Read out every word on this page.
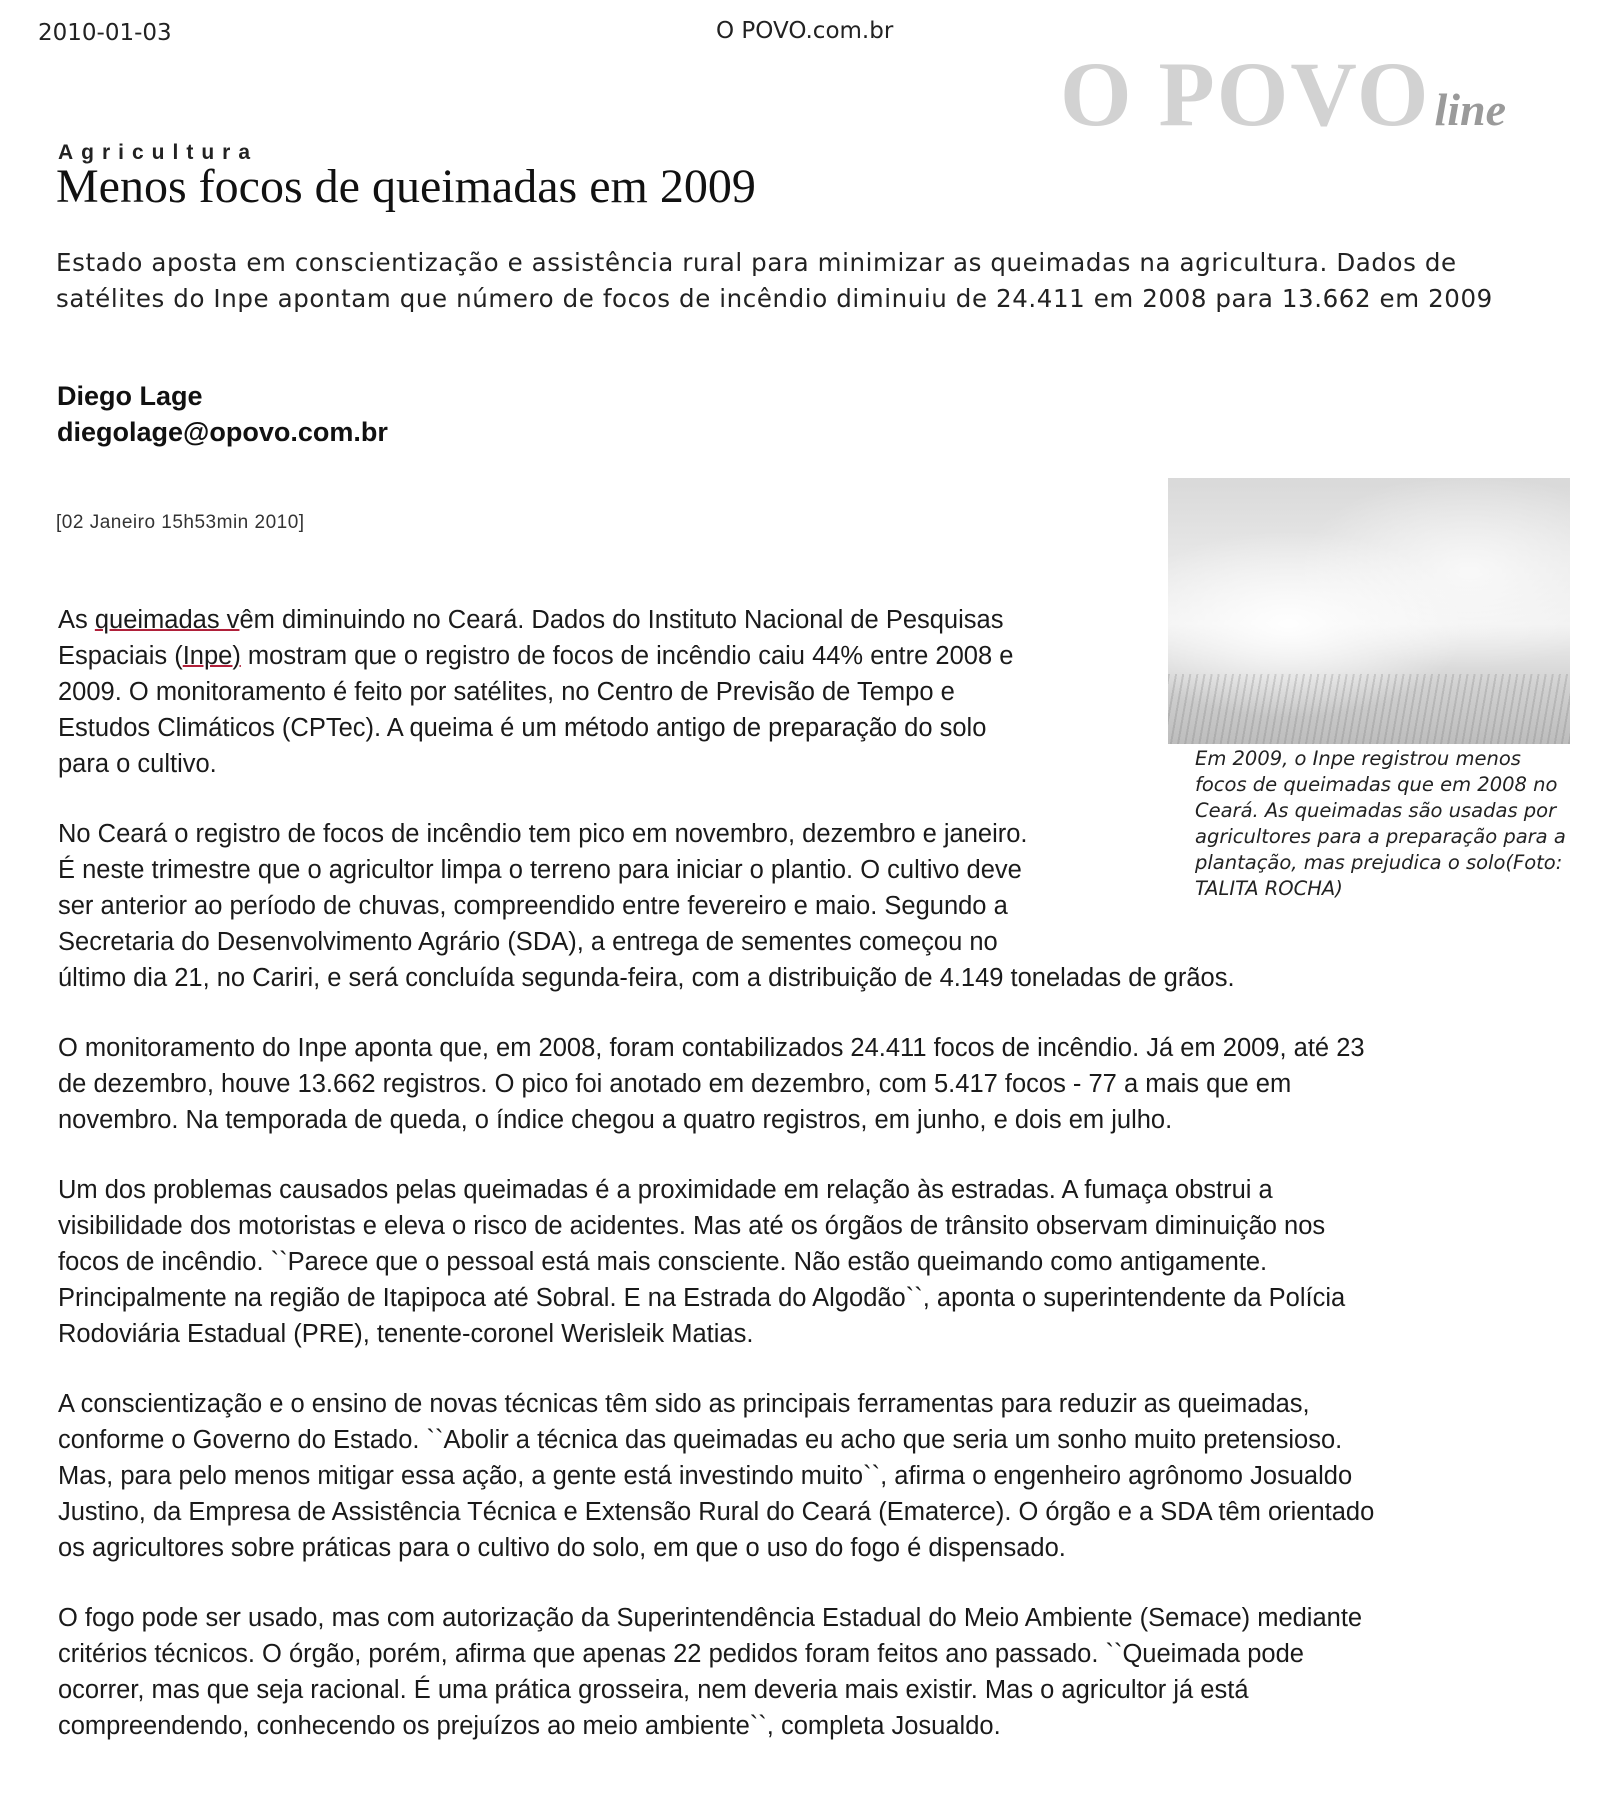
2010-01-03	O POVO.com.br
O POVOline
Agricultura
Menos focos de queimadas em 2009
Estado aposta em conscientização e assistência rural para minimizar as queimadas na agricultura. Dados de satélites do Inpe apontam que número de focos de incêndio diminuiu de 24.411 em 2008 para 13.662 em 2009
Diego Lage
diegolage@opovo.com.br
[02 Janeiro 15h53min 2010]
Em 2009, o Inpe registrou menos focos de queimadas que em 2008 no Ceará. As queimadas são usadas por agricultores para a preparação para a plantação, mas prejudica o solo(Foto: TALITA ROCHA)
As queimadas vêm diminuindo no Ceará. Dados do Instituto Nacional de Pesquisas
Espaciais (Inpe) mostram que o registro de focos de incêndio caiu 44% entre 2008 e
2009. O monitoramento é feito por satélites, no Centro de Previsão de Tempo e
Estudos Climáticos (CPTec). A queima é um método antigo de preparação do solo
para o cultivo.
No Ceará o registro de focos de incêndio tem pico em novembro, dezembro e janeiro.
É neste trimestre que o agricultor limpa o terreno para iniciar o plantio. O cultivo deve
ser anterior ao período de chuvas, compreendido entre fevereiro e maio. Segundo a
Secretaria do Desenvolvimento Agrário (SDA), a entrega de sementes começou no
último dia 21, no Cariri, e será concluída segunda-feira, com a distribuição de 4.149 toneladas de grãos.
O monitoramento do Inpe aponta que, em 2008, foram contabilizados 24.411 focos de incêndio. Já em 2009, até 23
de dezembro, houve 13.662 registros. O pico foi anotado em dezembro, com 5.417 focos - 77 a mais que em
novembro. Na temporada de queda, o índice chegou a quatro registros, em junho, e dois em julho.
Um dos problemas causados pelas queimadas é a proximidade em relação às estradas. A fumaça obstrui a
visibilidade dos motoristas e eleva o risco de acidentes. Mas até os órgãos de trânsito observam diminuição nos
focos de incêndio. ``Parece que o pessoal está mais consciente. Não estão queimando como antigamente.
Principalmente na região de Itapipoca até Sobral. E na Estrada do Algodão``, aponta o superintendente da Polícia
Rodoviária Estadual (PRE), tenente-coronel Werisleik Matias.
A conscientização e o ensino de novas técnicas têm sido as principais ferramentas para reduzir as queimadas,
conforme o Governo do Estado. ``Abolir a técnica das queimadas eu acho que seria um sonho muito pretensioso.
Mas, para pelo menos mitigar essa ação, a gente está investindo muito``, afirma o engenheiro agrônomo Josualdo
Justino, da Empresa de Assistência Técnica e Extensão Rural do Ceará (Ematerce). O órgão e a SDA têm orientado
os agricultores sobre práticas para o cultivo do solo, em que o uso do fogo é dispensado.
O fogo pode ser usado, mas com autorização da Superintendência Estadual do Meio Ambiente (Semace) mediante
critérios técnicos. O órgão, porém, afirma que apenas 22 pedidos foram feitos ano passado. ``Queimada pode
ocorrer, mas que seja racional. É uma prática grosseira, nem deveria mais existir. Mas o agricultor já está
compreendendo, conhecendo os prejuízos ao meio ambiente``, completa Josualdo.
